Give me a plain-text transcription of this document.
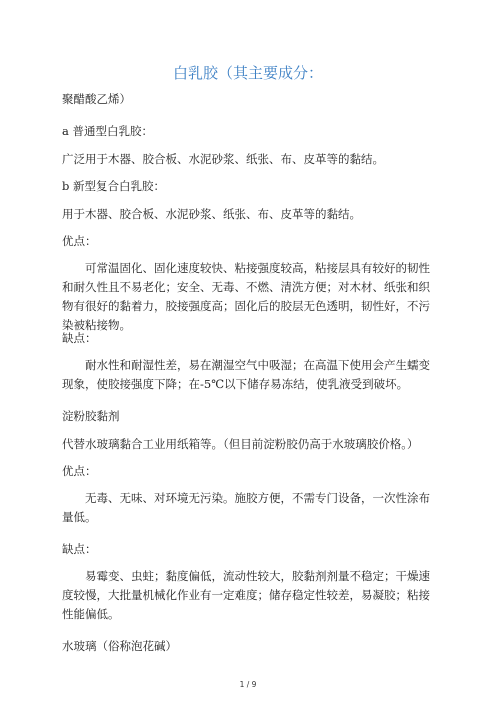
白乳胶（其主要成分：
聚醋酸乙烯）
a 普通型白乳胶：
广泛用于木器、胶合板、水泥砂浆、纸张、布、皮革等的黏结。
b 新型复合白乳胶：
用于木器、胶合板、水泥砂浆、纸张、布、皮革等的黏结。
优点：
可常温固化、固化速度较快、粘接强度较高，粘接层具有较好的韧性和耐久性且不易老化；安全、无毒、不燃、清洗方便；对木材、纸张和织物有很好的黏着力，胶接强度高；固化后的胶层无色透明，韧性好，不污染被粘接物。
缺点：
耐水性和耐湿性差，易在潮湿空气中吸湿；在高温下使用会产生蠕变现象，使胶接强度下降；在-5℃以下储存易冻结，使乳液受到破坏。
淀粉胶黏剂
代替水玻璃黏合工业用纸箱等。（但目前淀粉胶仍高于水玻璃胶价格。）
优点：
无毒、无味、对环境无污染。施胶方便，不需专门设备，一次性涂布量低。
缺点：
易霉变、虫蛀；黏度偏低，流动性较大，胶黏剂剂量不稳定；干燥速度较慢，大批量机械化作业有一定难度；储存稳定性较差，易凝胶；粘接性能偏低。
水玻璃（俗称泡花碱）
1 / 9
